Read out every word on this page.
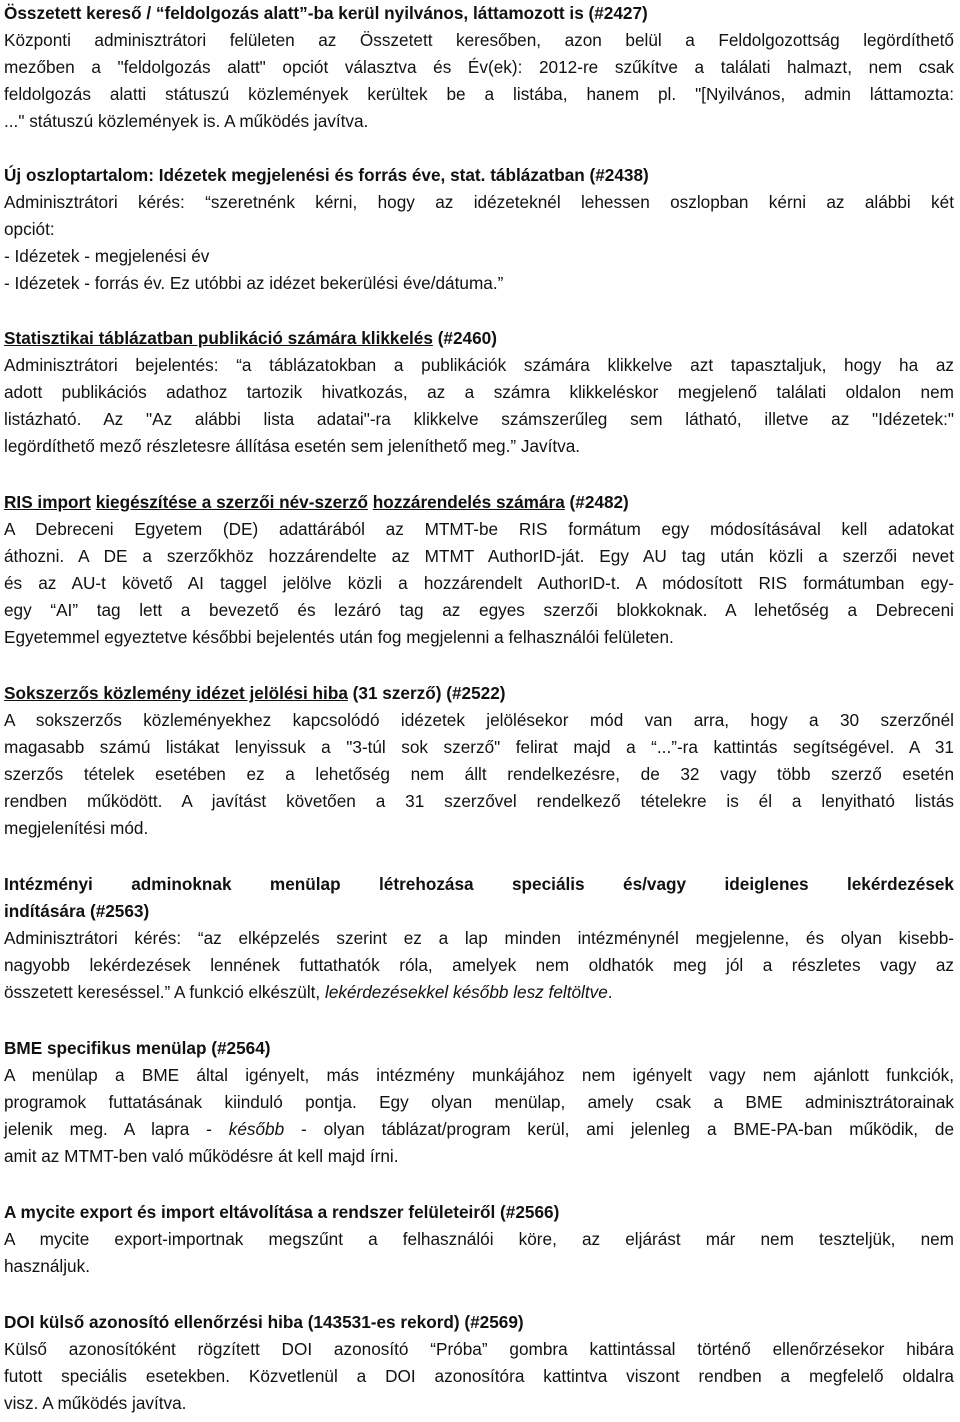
Összetett kereső / “feldolgozás alatt”-ba kerül nyilvános, láttamozott is (#2427)
Központi adminisztrátori felületen az Összetett keresőben, azon belül a Feldolgozottság legördíthető
mezőben a "feldolgozás alatt" opciót választva és Év(ek): 2012-re szűkítve a találati halmazt, nem csak
feldolgozás alatti státuszú közlemények kerültek be a listába, hanem pl. "[Nyilvános, admin láttamozta:
..." státuszú közlemények is. A működés javítva.
Új oszloptartalom: Idézetek megjelenési és forrás éve, stat. táblázatban (#2438)
Adminisztrátori kérés: “szeretnénk kérni, hogy az idézeteknél lehessen oszlopban kérni az alábbi két
opciót:
- Idézetek - megjelenési év
- Idézetek - forrás év. Ez utóbbi az idézet bekerülési éve/dátuma.”
Statisztikai táblázatban publikáció számára klikkelés (#2460)
Adminisztrátori bejelentés: “a táblázatokban a publikációk számára klikkelve azt tapasztaljuk, hogy ha az
adott publikációs adathoz tartozik hivatkozás, az a számra klikkeléskor megjelenő találati oldalon nem
listázható. Az "Az alábbi lista adatai"-ra klikkelve számszerűleg sem látható, illetve az "Idézetek:"
legördíthető mező részletesre állítása esetén sem jeleníthető meg.” Javítva.
RIS import kiegészítése a szerzői név-szerző hozzárendelés számára (#2482)
A Debreceni Egyetem (DE) adattárából az MTMT-be RIS formátum egy módosításával kell adatokat
áthozni. A DE a szerzőkhöz hozzárendelte az MTMT AuthorID-ját. Egy AU tag után közli a szerzői nevet
és az AU-t követő AI taggel jelölve közli a hozzárendelt AuthorID-t. A módosított RIS formátumban egy-
egy “AI” tag lett a bevezető és lezáró tag az egyes szerzői blokkoknak. A lehetőség a Debreceni
Egyetemmel egyeztetve későbbi bejelentés után fog megjelenni a felhasználói felületen.
Sokszerzős közlemény idézet jelölési hiba (31 szerző) (#2522)
A sokszerzős közleményekhez kapcsolódó idézetek jelölésekor mód van arra, hogy a 30 szerzőnél
magasabb számú listákat lenyissuk a "3-túl sok szerző" felirat majd a “...”-ra kattintás segítségével. A 31
szerzős tételek esetében ez a lehetőség nem állt rendelkezésre, de 32 vagy több szerző esetén
rendben működött. A javítást követően a 31 szerzővel rendelkező tételekre is él a lenyitható listás
megjelenítési mód.
Intézményi adminoknak menülap létrehozása speciális és/vagy ideiglenes lekérdezések
indítására (#2563)
Adminisztrátori kérés: “az elképzelés szerint ez a lap minden intézménynél megjelenne, és olyan kisebb-
nagyobb lekérdezések lennének futtathatók róla, amelyek nem oldhatók meg jól a részletes vagy az
összetett kereséssel.” A funkció elkészült, lekérdezésekkel később lesz feltöltve.
BME specifikus menülap (#2564)
A menülap a BME által igényelt, más intézmény munkájához nem igényelt vagy nem ajánlott funkciók,
programok futtatásának kiinduló pontja. Egy olyan menülap, amely csak a BME adminisztrátorainak
jelenik meg. A lapra - később - olyan táblázat/program kerül, ami jelenleg a BME-PA-ban működik, de
amit az MTMT-ben való működésre át kell majd írni.
A mycite export és import eltávolítása a rendszer felületeiről (#2566)
A mycite export-importnak megszűnt a felhasználói köre, az eljárást már nem teszteljük, nem
használjuk.
DOI külső azonosító ellenőrzési hiba (143531-es rekord) (#2569)
Külső azonosítóként rögzített DOI azonosító “Próba” gombra kattintással történő ellenőrzésekor hibára
futott speciális esetekben. Közvetlenül a DOI azonosítóra kattintva viszont rendben a megfelelő oldalra
visz. A működés javítva.
